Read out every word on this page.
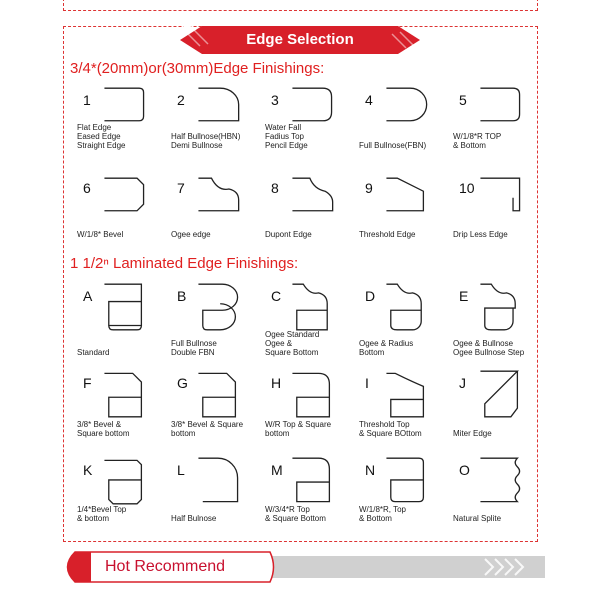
Edge Selection
3/4*(20mm)or(30mm)Edge Finishings:
1 1/2ⁿ Laminated Edge Finishings:
Hot Recommend
1
Flat Edge
Eased Edge
Straight Edge
2
Half Bullnose(HBN)
Demi Bullnose
3
Water Fall
Fadius Top
Pencil Edge
4
Full Bullnose(FBN)
5
W/1/8*R TOP
& Bottom
6
W/1/8* Bevel
7
Ogee edge
8
Dupont Edge
9
Threshold Edge
10
Drip Less Edge
A
Standard
B
Full Bullnose
Double FBN
C
Ogee Standard
Ogee &
Square Bottom
D
Ogee & Radius
Bottom
E
Ogee & Bullnose
Ogee Bullnose Step
F
3/8* Bevel &
Square bottom
G
3/8* Bevel & Square
bottom
H
W/R Top & Square
bottom
I
Threshold Top
& Square BOttom
J
Miter Edge
K
1/4*Bevel Top
& bottom
L
Half Bulnose
M
W/3/4*R Top
& Square Bottom
N
W/1/8*R, Top
& Bottom
O
Natural Splite
